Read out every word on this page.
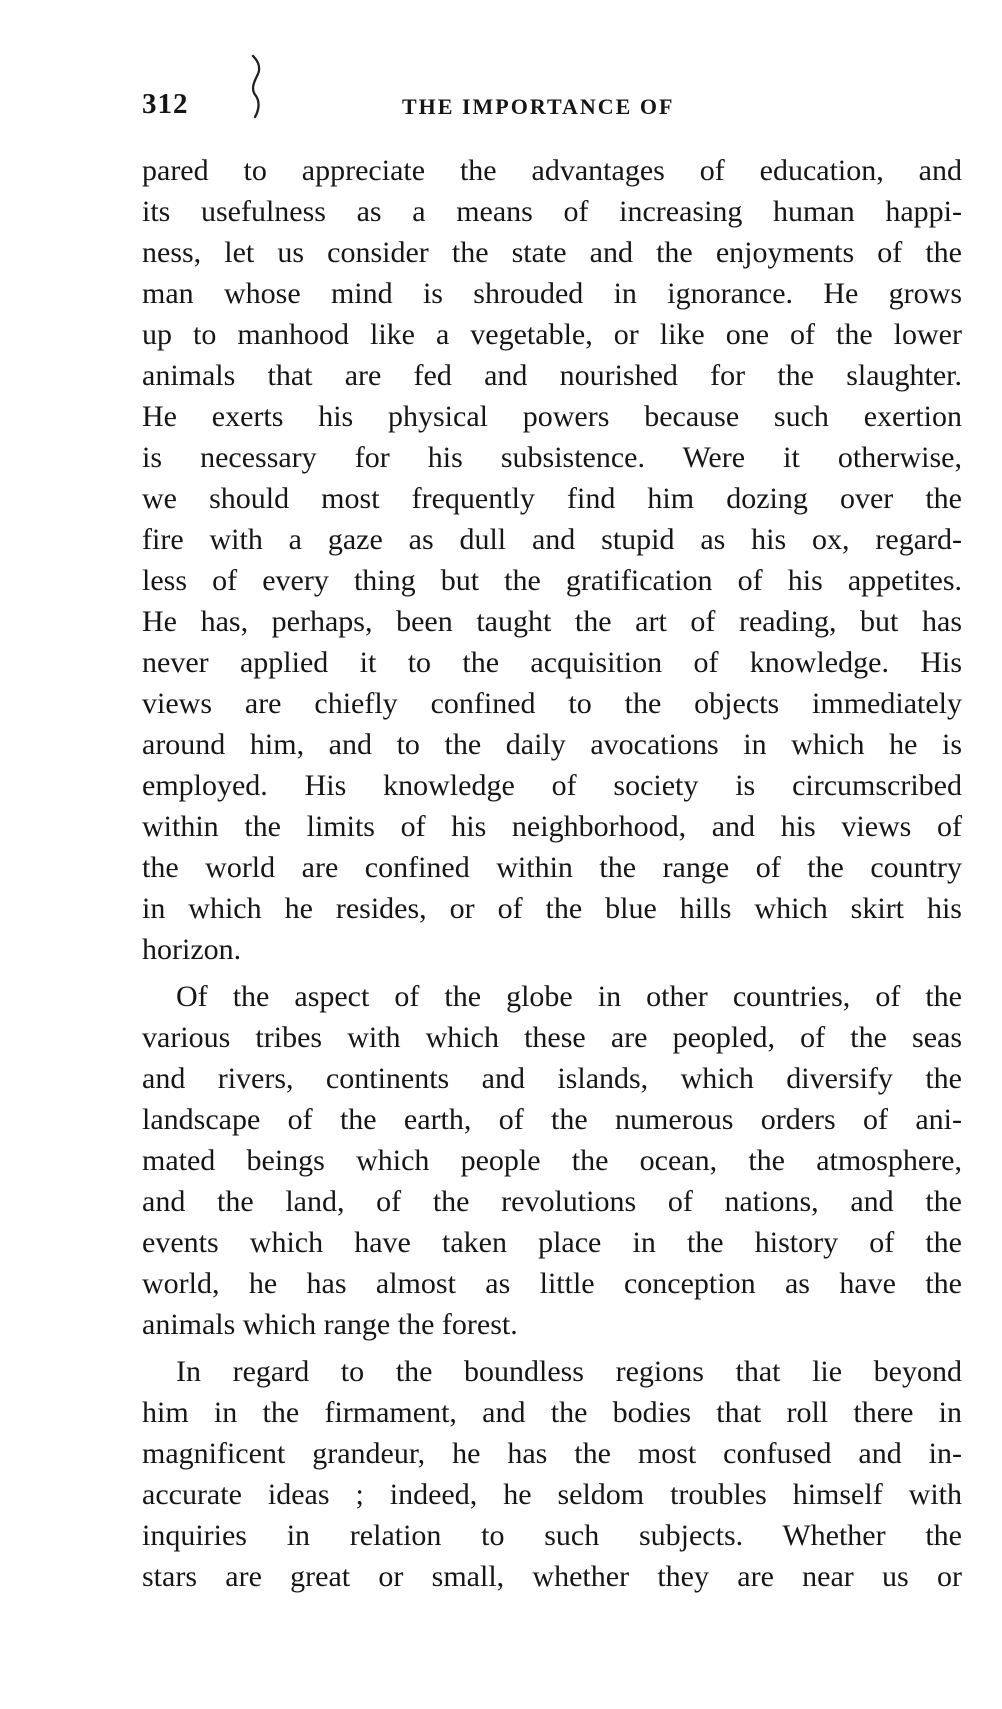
312	THE IMPORTANCE OF
pared to appreciate the advantages of education, and
its usefulness as a means of increasing human happi-
ness, let us consider the state and the enjoyments of the
man whose mind is shrouded in ignorance. He grows
up to manhood like a vegetable, or like one of the lower
animals that are fed and nourished for the slaughter.
He exerts his physical powers because such exertion
is necessary for his subsistence. Were it otherwise,
we should most frequently find him dozing over the
fire with a gaze as dull and stupid as his ox, regard-
less of every thing but the gratification of his appetites.
He has, perhaps, been taught the art of reading, but has
never applied it to the acquisition of knowledge. His
views are chiefly confined to the objects immediately
around him, and to the daily avocations in which he is
employed. His knowledge of society is circumscribed
within the limits of his neighborhood, and his views of
the world are confined within the range of the country
in which he resides, or of the blue hills which skirt his
horizon.
Of the aspect of the globe in other countries, of the
various tribes with which these are peopled, of the seas
and rivers, continents and islands, which diversify the
landscape of the earth, of the numerous orders of ani-
mated beings which people the ocean, the atmosphere,
and the land, of the revolutions of nations, and the
events which have taken place in the history of the
world, he has almost as little conception as have the
animals which range the forest.
In regard to the boundless regions that lie beyond
him in the firmament, and the bodies that roll there in
magnificent grandeur, he has the most confused and in-
accurate ideas ; indeed, he seldom troubles himself with
inquiries in relation to such subjects. Whether the
stars are great or small, whether they are near us or
